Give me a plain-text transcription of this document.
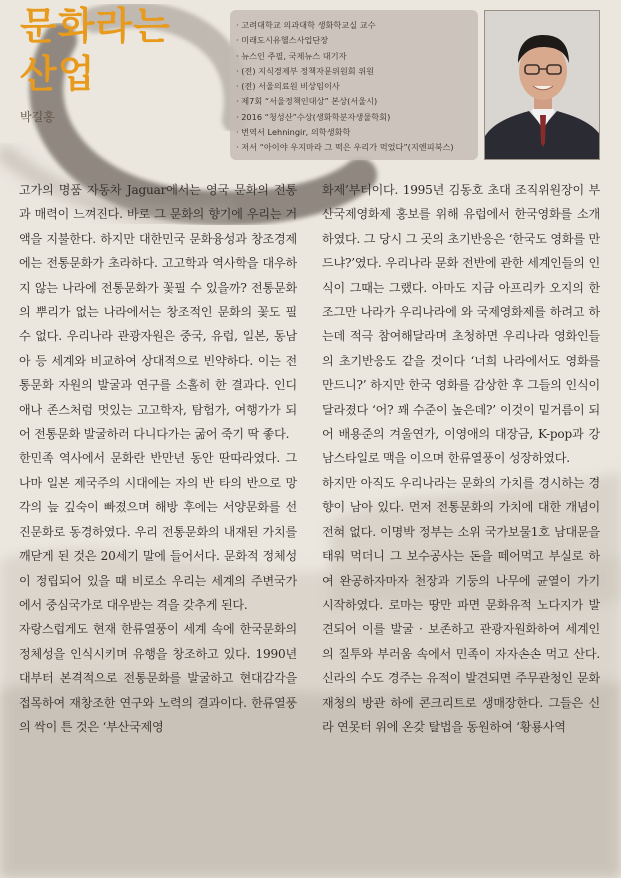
문화라는
산업
박길홍
· 고려대학교 의과대학 생화학교실 교수
· 미래도시유헬스사업단장
· 뉴스인 주필, 국제뉴스 대기자
· (전) 지식경제부 정책자문위원회 위원
· (전) 서울의료원 비상임이사
· 제7회 “서울정책인대상” 본상(서울시)
· 2016 “청성산”수상(생화학분자생물학회)
· 번역서 Lehningir, 의학생화학
· 저서 “아이야 우지마라 그 떡은 우리가 먹었다”(지엔피북스)

고가의 명품 자동차 Jaguar에서는 영국 문화의 전통과 매력이 느껴진다. 바로 그 문화의 향기에 우리는 거액을 지불한다. 하지만 대한민국 문화융성과 창조경제에는 전통문화가 초라하다. 고고학과 역사학을 대우하지 않는 나라에 전통문화가 꽃필 수 있을까? 전통문화의 뿌리가 없는 나라에서는 창조적인 문화의 꽃도 필 수 없다. 우리나라 관광자원은 중국, 유럽, 일본, 동남아 등 세계와 비교하여 상대적으로 빈약하다. 이는 전통문화 자원의 발굴과 연구를 소홀히 한 결과다. 인디애나 존스처럼 멋있는 고고학자, 탐험가, 여행가가 되어 전통문화 발굴하러 다니다가는 굶어 죽기 딱 좋다.

한민족 역사에서 문화란 반만년 동안 딴따라였다. 그나마 일본 제국주의 시대에는 자의 반 타의 반으로 망각의 늪 깊숙이 빠졌으며 해방 후에는 서양문화를 선진문화로 동경하였다. 우리 전통문화의 내재된 가치를 깨닫게 된 것은 20세기 말에 들어서다. 문화적 정체성이 정립되어 있을 때 비로소 우리는 세계의 주변국가에서 중심국가로 대우받는 격을 갖추게 된다.

자랑스럽게도 현재 한류열풍이 세계 속에 한국문화의 정체성을 인식시키며 유행을 창조하고 있다. 1990년대부터 본격적으로 전통문화를 발굴하고 현대감각을 접목하여 재창조한 연구와 노력의 결과이다. 한류열풍의 싹이 튼 것은 ‘부산국제영

화제’부터이다. 1995년 김동호 초대 조직위원장이 부산국제영화제 홍보를 위해 유럽에서 한국영화를 소개하였다. 그 당시 그 곳의 초기반응은 ‘한국도 영화를 만드냐?’였다. 우리나라 문화 전반에 관한 세계인들의 인식이 그때는 그랬다. 아마도 지금 아프리카 오지의 한 조그만 나라가 우리나라에 와 국제영화제를 하려고 하는데 적극 참여해달라며 초청하면 우리나라 영화인들의 초기반응도 같을 것이다 ‘너희 나라에서도 영화를 만드니?’ 하지만 한국 영화를 감상한 후 그들의 인식이 달라졌다 ‘어? 꽤 수준이 높은데?’ 이것이 밑거름이 되어 배용준의 겨울연가, 이영애의 대장금, K-pop과 강남스타일로 맥을 이으며 한류열풍이 성장하였다.

하지만 아직도 우리나라는 문화의 가치를 경시하는 경향이 남아 있다. 먼저 전통문화의 가치에 대한 개념이 전혀 없다. 이명박 정부는 소위 국가보물1호 남대문을 태워 먹더니 그 보수공사는 돈을 떼어먹고 부실로 하여 완공하자마자 천장과 기둥의 나무에 균열이 가기 시작하였다. 로마는 땅만 파면 문화유적 노다지가 발견되어 이를 발굴 · 보존하고 관광자원화하여 세계인의 질투와 부러움 속에서 민족이 자자손손 먹고 산다. 신라의 수도 경주는 유적이 발견되면 주무관청인 문화재청의 방관 하에 콘크리트로 생매장한다. 그들은 신라 연못터 위에 온갖 탈법을 동원하여 ‘황룡사역
